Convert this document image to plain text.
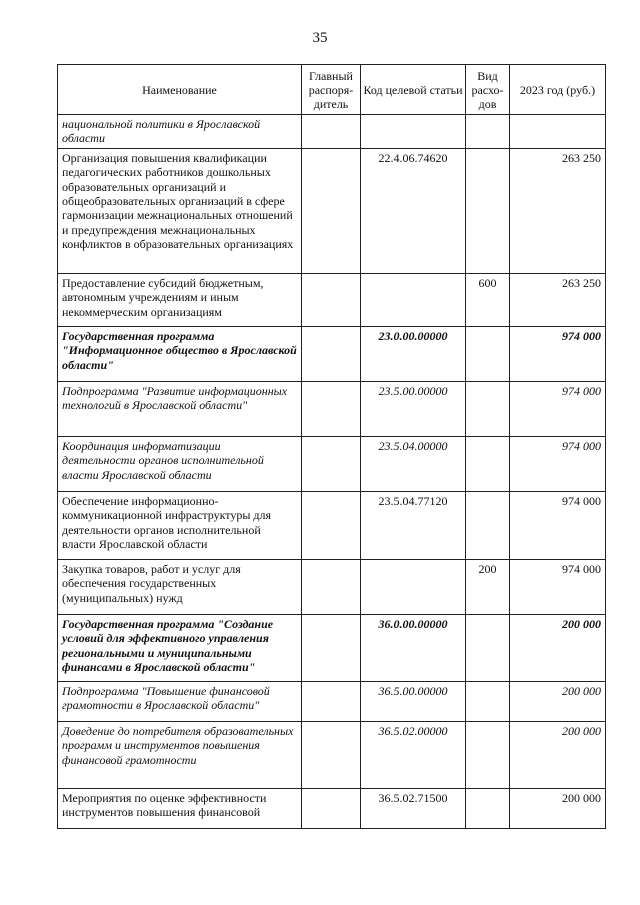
35
Наименование	Главный распоря-дитель	Код целевой статьи	Вид расхо-дов	2023 год (руб.)
национальной политики в Ярославской области				
Организация повышения квалификации педагогических работников дошкольных образовательных организаций и общеобразовательных организаций в сфере гармонизации межнациональных отношений и предупреждения межнациональных конфликтов в образовательных организациях		22.4.06.74620		263 250
Предоставление субсидий бюджетным, автономным учреждениям и иным некоммерческим организациям			600	263 250
Государственная программа "Информационное общество в Ярославской области"		23.0.00.00000		974 000
Подпрограмма "Развитие информационных технологий в Ярославской области"		23.5.00.00000		974 000
Координация информатизации деятельности органов исполнительной власти Ярославской области		23.5.04.00000		974 000
Обеспечение информационно-коммуникационной инфраструктуры для деятельности органов исполнительной власти Ярославской области		23.5.04.77120		974 000
Закупка товаров, работ и услуг для обеспечения государственных (муниципальных) нужд			200	974 000
Государственная программа "Создание условий для эффективного управления региональными и муниципальными финансами в Ярославской области"		36.0.00.00000		200 000
Подпрограмма "Повышение финансовой грамотности в Ярославской области"		36.5.00.00000		200 000
Доведение до потребителя образовательных программ и инструментов повышения финансовой грамотности		36.5.02.00000		200 000
Мероприятия по оценке эффективности инструментов повышения финансовой		36.5.02.71500		200 000
